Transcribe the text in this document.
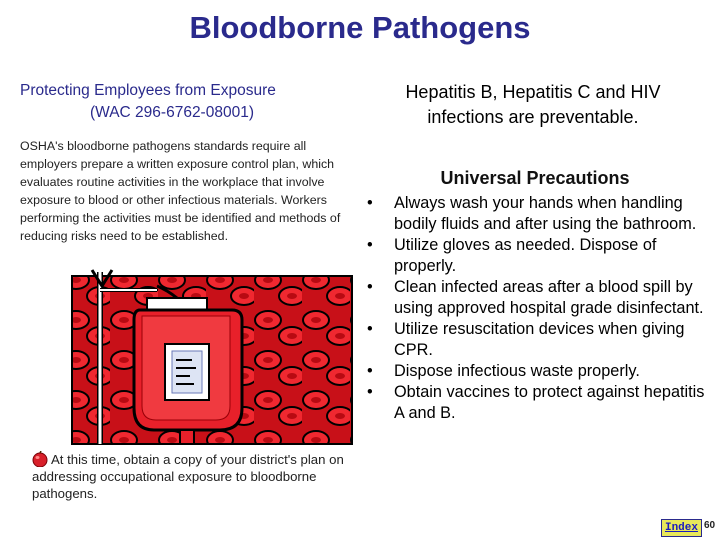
Bloodborne Pathogens
Protecting Employees from Exposure
(WAC 296-6762-08001)
OSHA's bloodborne pathogens standards require all employers prepare a written exposure control plan, which evaluates routine activities in the workplace that involve exposure to blood or other infectious materials. Workers performing the activities must be identified and methods of reducing risks need to be established.
Hepatitis B, Hepatitis C and HIV infections are preventable.
Universal Precautions
• Always wash your hands when handling bodily fluids and after using the bathroom.
• Utilize gloves as needed. Dispose of properly.
• Clean infected areas after a blood spill by using approved hospital grade disinfectant.
• Utilize resuscitation devices when giving CPR.
• Dispose infectious waste properly.
• Obtain vaccines to protect against hepatitis A and B.
At this time, obtain a copy of your district's plan on addressing occupational exposure to bloodborne pathogens.
Index 60
